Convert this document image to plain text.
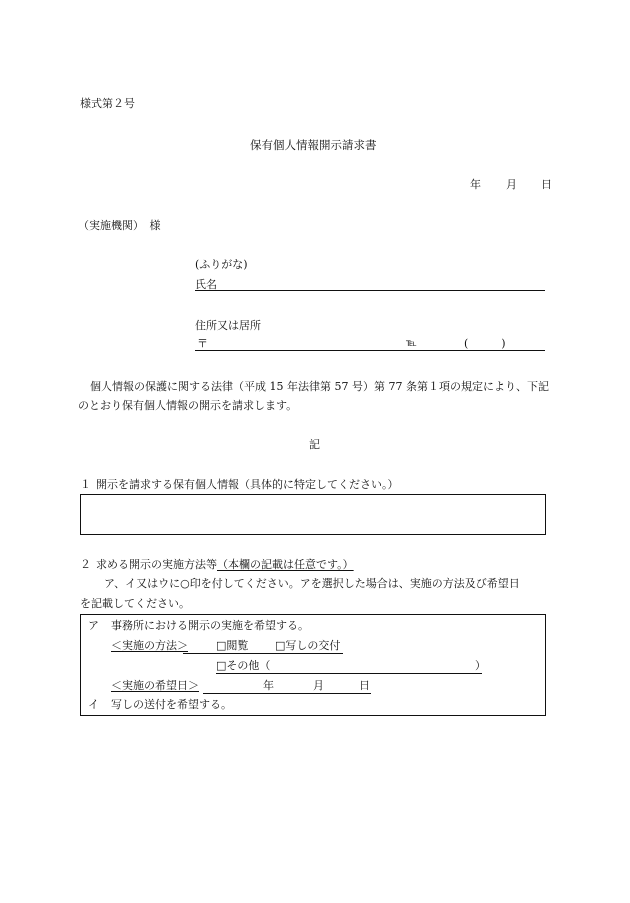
様式第２号
保有個人情報開示請求書
年 月 日
（実施機関）　様
(ふりがな)
氏名
住所又は居所
〒	℡	(　　　)
個人情報の保護に関する法律（平成 15 年法律第 57 号）第 77 条第１項の規定により、下記
のとおり保有個人情報の開示を請求します。
記
１ 開示を請求する保有個人情報（具体的に特定してください。）
２ 求める開示の実施方法等（本欄の記載は任意です。）
ア、イ又はウに○印を付してください。アを選択した場合は、実施の方法及び希望日
を記載してください。
ア 事務所における開示の実施を希望する。
＜実施の方法＞	□閲覧 □写しの交付
□その他（	）
＜実施の希望日＞	年	月	日
イ 写しの送付を希望する。
